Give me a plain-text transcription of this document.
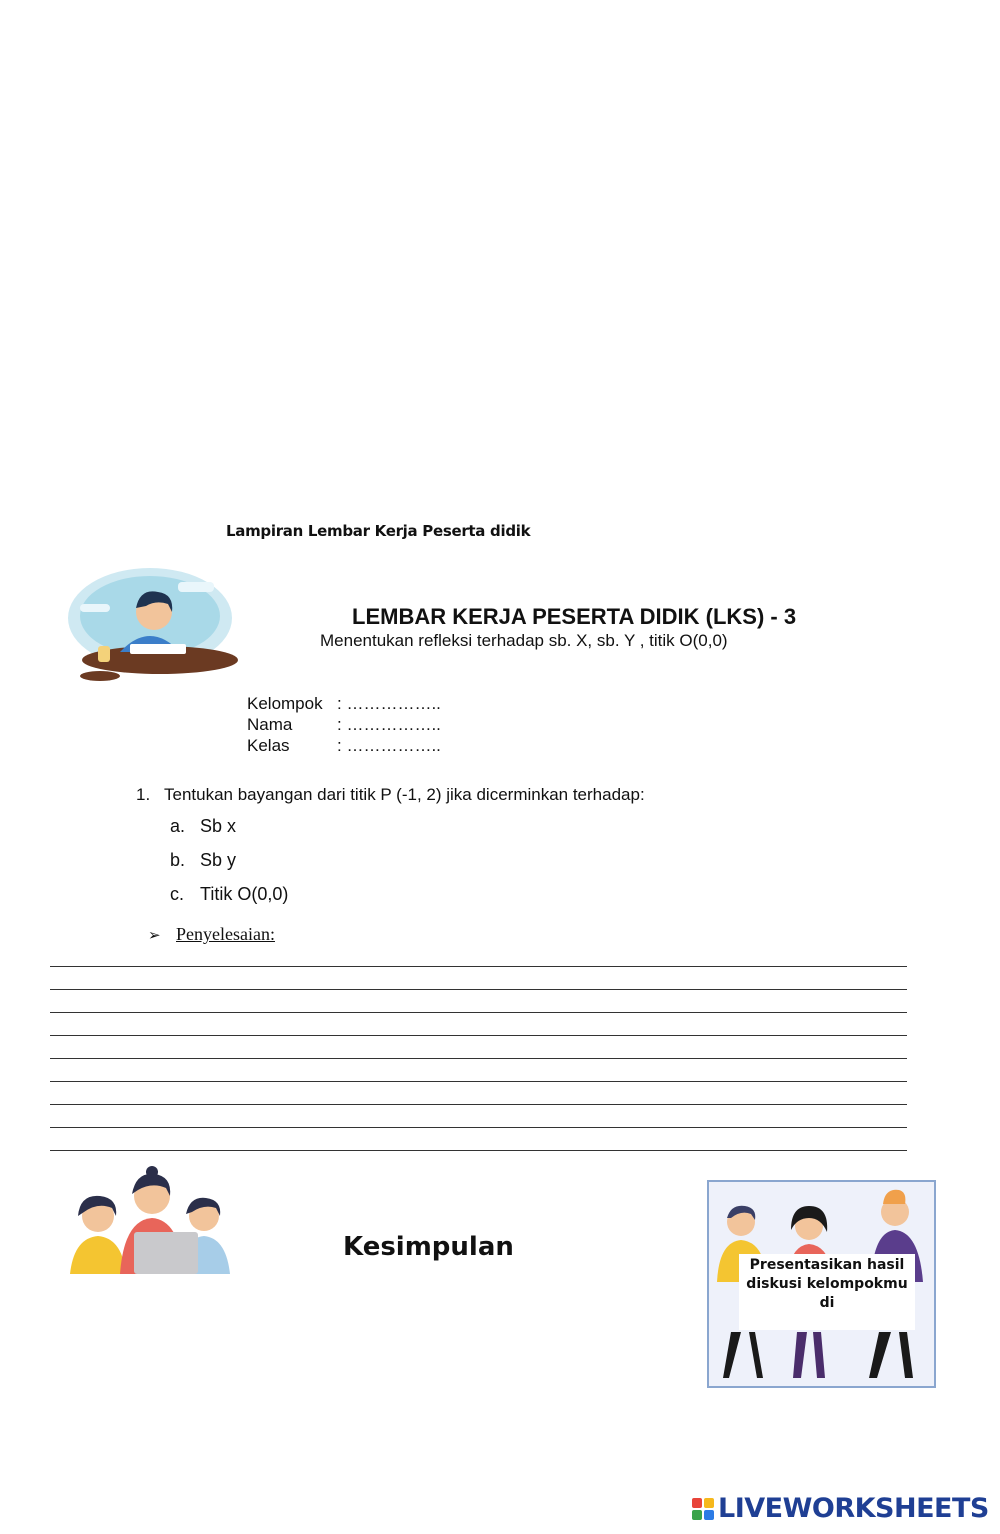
Lampiran Lembar Kerja Peserta didik
LEMBAR KERJA PESERTA DIDIK (LKS) - 3
Menentukan refleksi terhadap sb. X, sb. Y , titik O(0,0)
Kelompok : ……………..
Nama	: ……………..
Kelas	: ……………..
1. Tentukan bayangan dari titik P (-1, 2) jika dicerminkan terhadap:
a. Sb x
b. Sb y
c. Titik O(0,0)
➢ Penyelesaian:
Kesimpulan
Presentasikan hasil
diskusi kelompokmu di
LIVEWORKSHEETS
